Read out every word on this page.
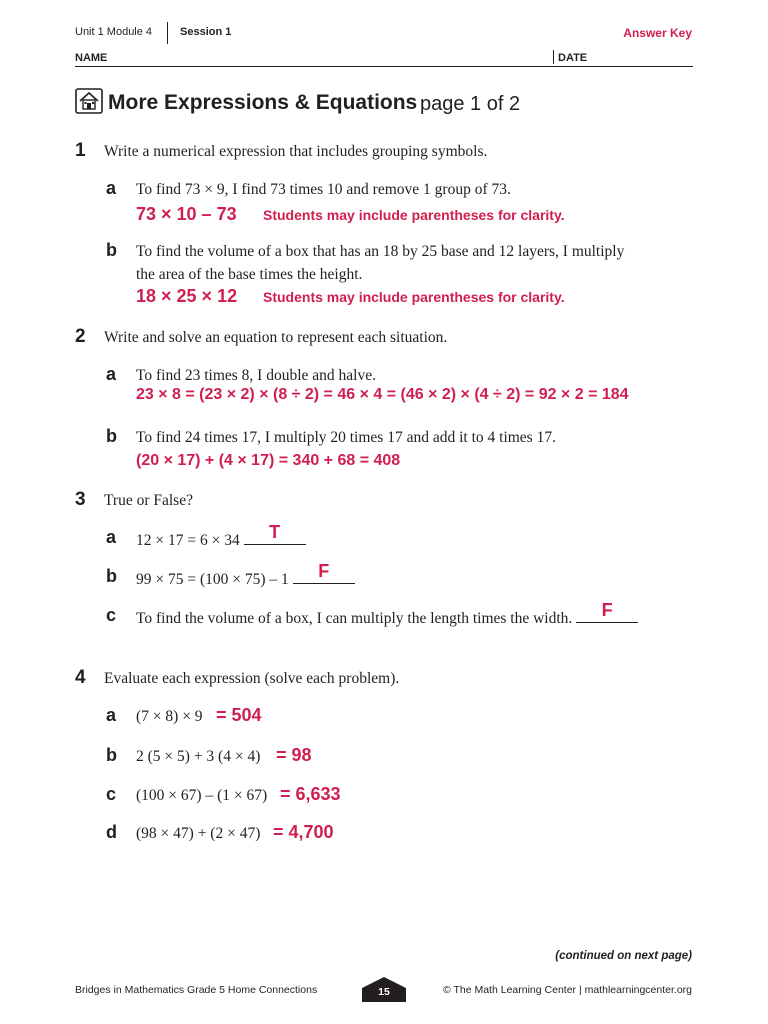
Unit 1 Module 4	Session 1	Answer Key
NAME	DATE
More Expressions & Equations page 1 of 2
1 Write a numerical expression that includes grouping symbols.
a To find 73 × 9, I find 73 times 10 and remove 1 group of 73.
73 × 10 – 73 Students may include parentheses for clarity.
b To find the volume of a box that has an 18 by 25 base and 12 layers, I multiply
the area of the base times the height.
18 × 25 × 12 Students may include parentheses for clarity.
2 Write and solve an equation to represent each situation.
a To find 23 times 8, I double and halve.
23 × 8 = (23 × 2) × (8 ÷ 2) = 46 × 4 = (46 × 2) × (4 ÷ 2) = 92 × 2 = 184
b To find 24 times 17, I multiply 20 times 17 and add it to 4 times 17.
(20 × 17) + (4 × 17) = 340 + 68 = 408
3 True or False?
a 12 × 17 = 6 × 34	T
b 99 × 75 = (100 × 75) – 1	F
c To find the volume of a box, I can multiply the length times the width.	F
4 Evaluate each expression (solve each problem).
a (7 × 8) × 9 = 504
b 2 (5 × 5) + 3 (4 × 4) = 98
c (100 × 67) – (1 × 67) = 6,633
d (98 × 47) + (2 × 47) = 4,700
(continued on next page)
Bridges in Mathematics Grade 5 Home Connections	15	© The Math Learning Center | mathlearningcenter.org
